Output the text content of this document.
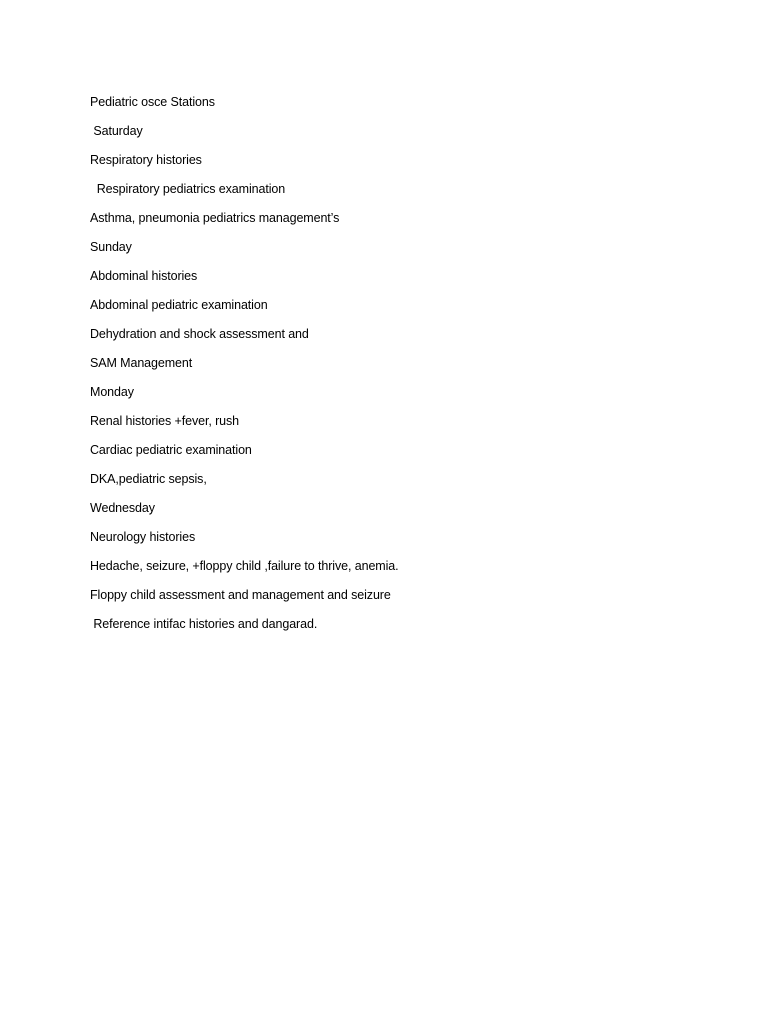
Pediatric osce Stations
Saturday
Respiratory histories
Respiratory pediatrics examination
Asthma, pneumonia pediatrics management’s
Sunday
Abdominal histories
Abdominal pediatric examination
Dehydration and shock assessment and
SAM Management
Monday
Renal histories +fever, rush
Cardiac pediatric examination
DKA,pediatric sepsis,
Wednesday
Neurology histories
Hedache, seizure, +floppy child ,failure to thrive, anemia.
Floppy child assessment and management and seizure
Reference intifac histories and dangarad.
